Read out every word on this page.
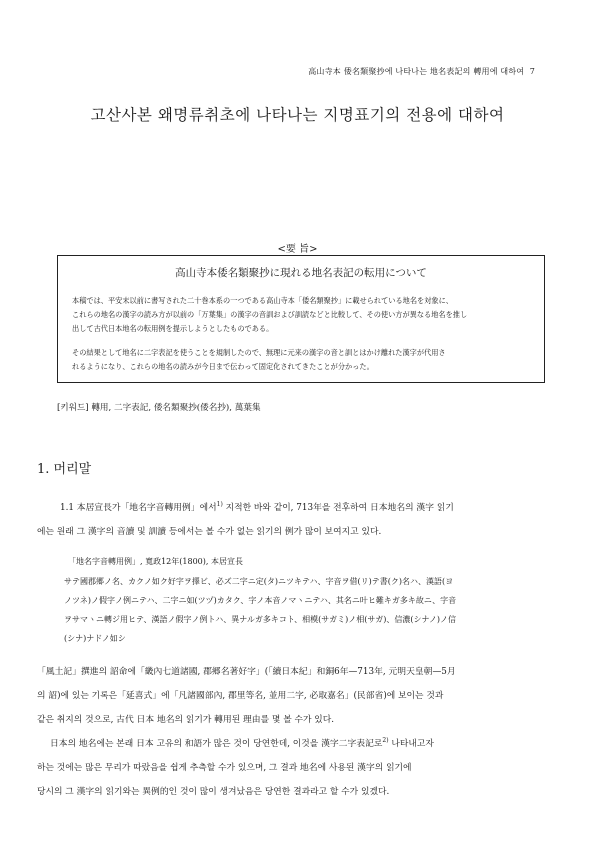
高山寺本 倭名類聚抄에 나타나는 地名表記의 轉用에 대하여 7
고산사본 왜명류취초에 나타나는 지명표기의 전용에 대하여
<要 旨>
高山寺本倭名類聚抄に現れる地名表記の転用について
本稿では、平安末以前に書写された二十巻本系の一つである高山寺本「倭名類聚抄」に載せられている地名を対象に、
これらの地名の漢字の読み方が以前の「万葉集」の漢字の音訓および訓読などと比較して、その使い方が異なる地名を推し
出して古代日本地名の転用例を提示しようとしたものである。
その結果として地名に二字表記を使うことを規制したので、無理に元来の漢字の音と訓とはかけ離れた漢字が代用さ
れるようになり、これらの地名の読みが今日まで伝わって固定化されてきたことが分かった。
[키워드] 轉用, 二字表記, 倭名類聚抄(倭名抄), 萬葉集
1. 머리말
1.1 本居宣長가「地名字音轉用例」에서$^{1)}$ 지적한 바와 같이, 713年을 전후하여 日本地名의 漢字 읽기
에는 원래 그 漢字의 音讀 및 訓讀 등에서는 볼 수가 없는 읽기의 例가 많이 보여지고 있다.
「地名字音轉用例」, 寬政12年(1800), 本居宣長
サテ國郡郷ノ名、カクノ如ク好字ヲ擇ビ、必ズ二字ニ定(タ)ニツキテハ、字音ヲ借(リ)テ書(ク)名ハ、漢語(ヨ
ノツネ)ノ假字ノ例ニテハ、二字ニ如(ツヅ)カタク、字ノ本音ノマヽニテハ、其名ニ叶ヒ難キガ多キ故ニ、字音
ヲサマヽニ轉ジ用ヒテ、漢語ノ假字ノ例トハ、異ナルガ多キコト、相模(サガミ)ノ相(サガ)、信濃(シナノ)ノ信
(シナ)ナドノ如シ
「風土記」撰進의 詔命에「畿內七道諸國, 郡郷名著好字」(「續日本紀」和銅6年—713年, 元明天皇朝—5月
의 詔)에 있는 기록은「延喜式」에「凡諸國部內, 郡里等名, 並用二字, 必取嘉名」(民部省)에 보이는 것과
같은 취지의 것으로, 古代 日本 地名의 읽기가 轉用된 理由를 몇 볼 수가 있다.
日本의 地名에는 본래 日本 고유의 和語가 많은 것이 당연한데, 이것을 漢字二字表記로$^{2)}$ 나타내고자
하는 것에는 많은 무리가 따랐음을 쉽게 추측할 수가 있으며, 그 결과 地名에 사용된 漢字의 읽기에
당시의 그 漢字의 읽기와는 異例的인 것이 많이 생겨났음은 당연한 결과라고 할 수가 있겠다.
